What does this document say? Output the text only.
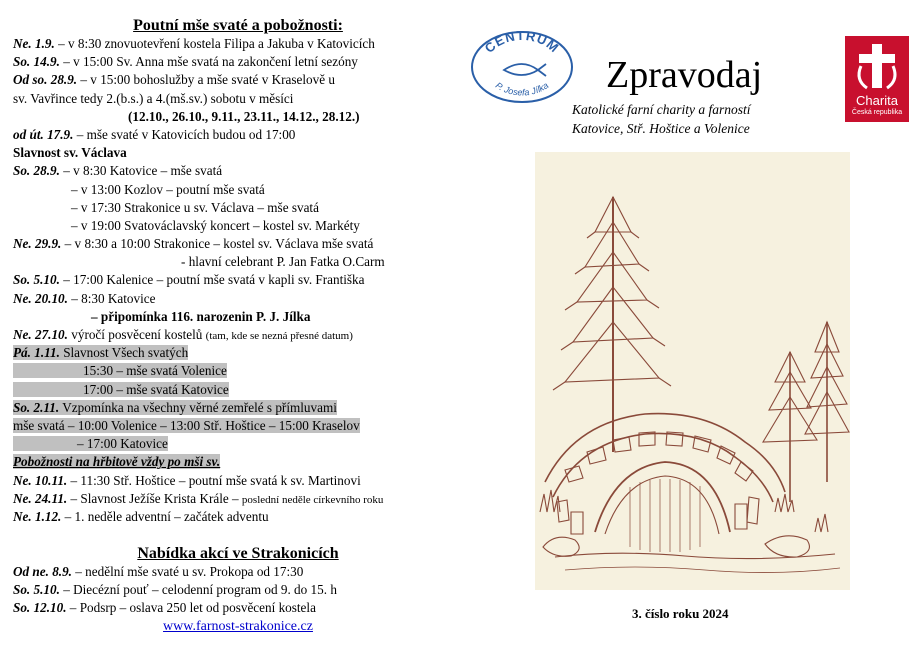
Poutní mše svaté a pobožnosti:
Ne. 1.9. – v 8:30 znovuotevření kostela Filipa a Jakuba v Katovicích
So. 14.9. – v 15:00 Sv. Anna mše svatá na zakončení letní sezóny
Od so. 28.9. – v 15:00 bohoslužby a mše svaté v Kraselově u
sv. Vavřince tedy 2.(b.s.) a 4.(mš.sv.) sobotu v měsíci
(12.10., 26.10., 9.11., 23.11., 14.12., 28.12.)
od út. 17.9. – mše svaté v Katovicích budou od 17:00
Slavnost sv. Václava
So. 28.9. – v 8:30 Katovice – mše svatá
– v 13:00 Kozlov – poutní mše svatá
– v 17:30 Strakonice u sv. Václava – mše svatá
– v 19:00 Svatováclavský koncert – kostel sv. Markéty
Ne. 29.9. – v 8:30 a 10:00 Strakonice – kostel sv. Václava mše svatá
- hlavní celebrant P. Jan Fatka O.Carm
So. 5.10. – 17:00 Kalenice – poutní mše svatá v kapli sv. Františka
Ne. 20.10. – 8:30 Katovice
– připomínka 116. narozenin P. J. Jílka
Ne. 27.10. výročí posvěcení kostelů (tam, kde se nezná přesné datum)
Pá. 1.11. Slavnost Všech svatých
15:30 – mše svatá Volenice
17:00 – mše svatá Katovice
So. 2.11. Vzpomínka na všechny věrné zemřelé s přímluvami
mše svatá – 10:00 Volenice – 13:00 Stř. Hoštice – 15:00 Kraselov
– 17:00 Katovice
Pobožnosti na hřbitově vždy po mši sv.
Ne. 10.11. – 11:30 Stř. Hoštice – poutní mše svatá k sv. Martinovi
Ne. 24.11. – Slavnost Ježíše Krista Krále – poslední neděle církevního roku
Ne. 1.12. – 1. neděle adventní – začátek adventu
Nabídka akcí ve Strakonicích
Od ne. 8.9. – nedělní mše svaté u sv. Prokopa od 17:30
So. 5.10. – Diecézní pouť – celodenní program od 9. do 15. h
So. 12.10. – Podsrp – oslava 250 let od posvěcení kostela
www.farnost-strakonice.cz
CENTRUM
P. Josefa Jílka Zpravodaj
Katolické farní charity a farností
Katovice, Stř. Hoštice a Volenice
Charita
Česká republika
3. číslo roku 2024
